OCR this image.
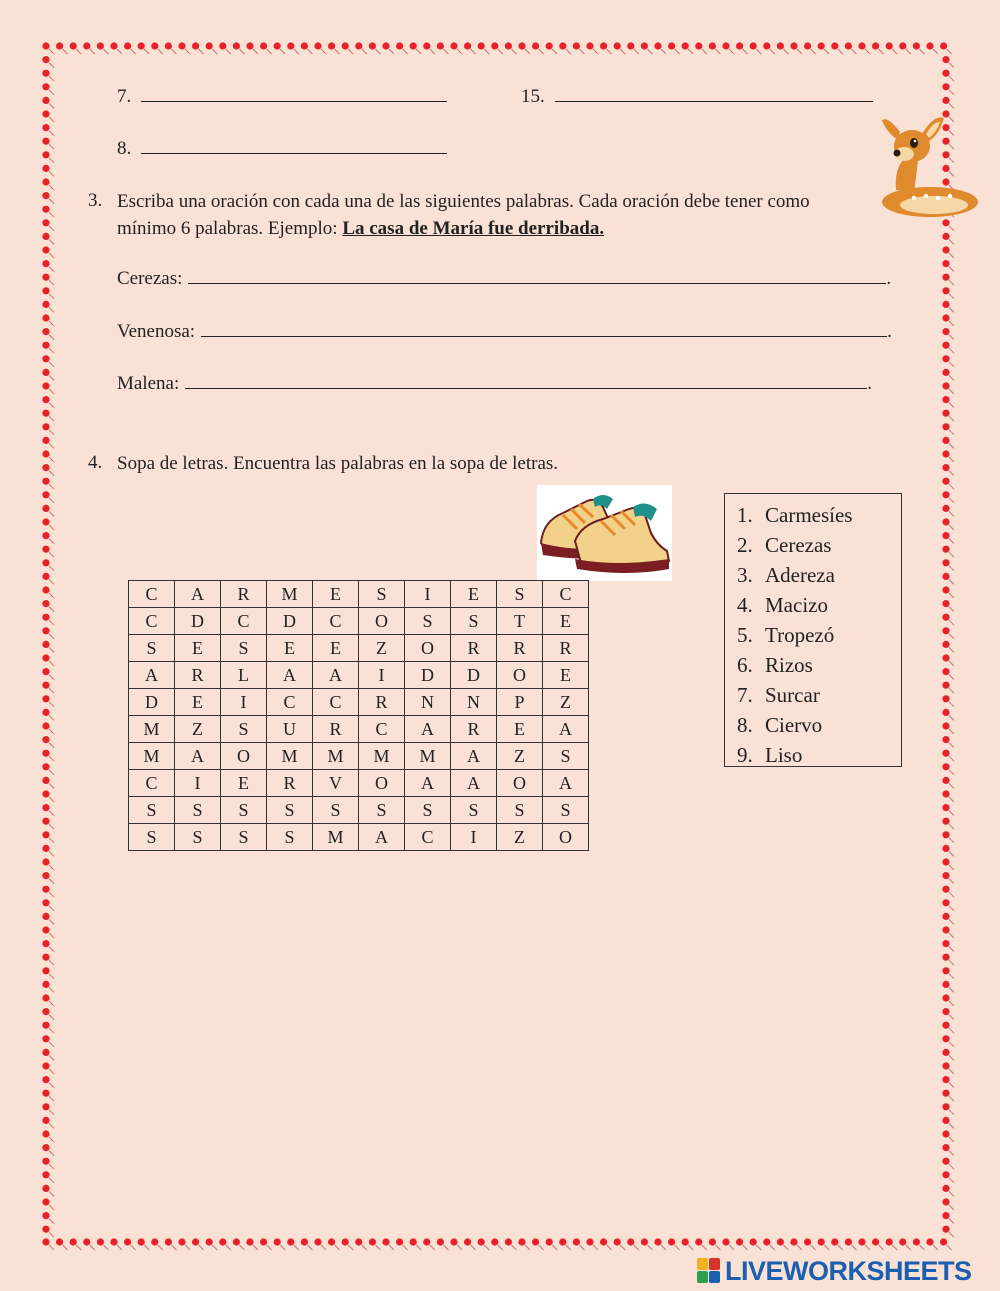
7.	15.
8.
3. Escriba una oración con cada una de las siguientes palabras. Cada oración debe tener como mínimo 6 palabras. Ejemplo: La casa de María fue derribada.
Cerezas:	.
Venenosa:	.
Malena:	.
4. Sopa de letras. Encuentra las palabras en la sopa de letras.
C	A	R	M	E	S	I	E	S	C
C	D	C	D	C	O	S	S	T	E
S	E	S	E	E	Z	O	R	R	R
A	R	L	A	A	I	D	D	O	E
D	E	I	C	C	R	N	N	P	Z
M	Z	S	U	R	C	A	R	E	A
M	A	O	M	M	M	M	A	Z	S
C	I	E	R	V	O	A	A	O	A
S	S	S	S	S	S	S	S	S	S
S	S	S	S	M	A	C	I	Z	O
1. Carmesíes
2. Cerezas
3. Adereza
4. Macizo
5. Tropezó
6. Rizos
7. Surcar
8. Ciervo
9. Liso
LIVEWORKSHEETS
